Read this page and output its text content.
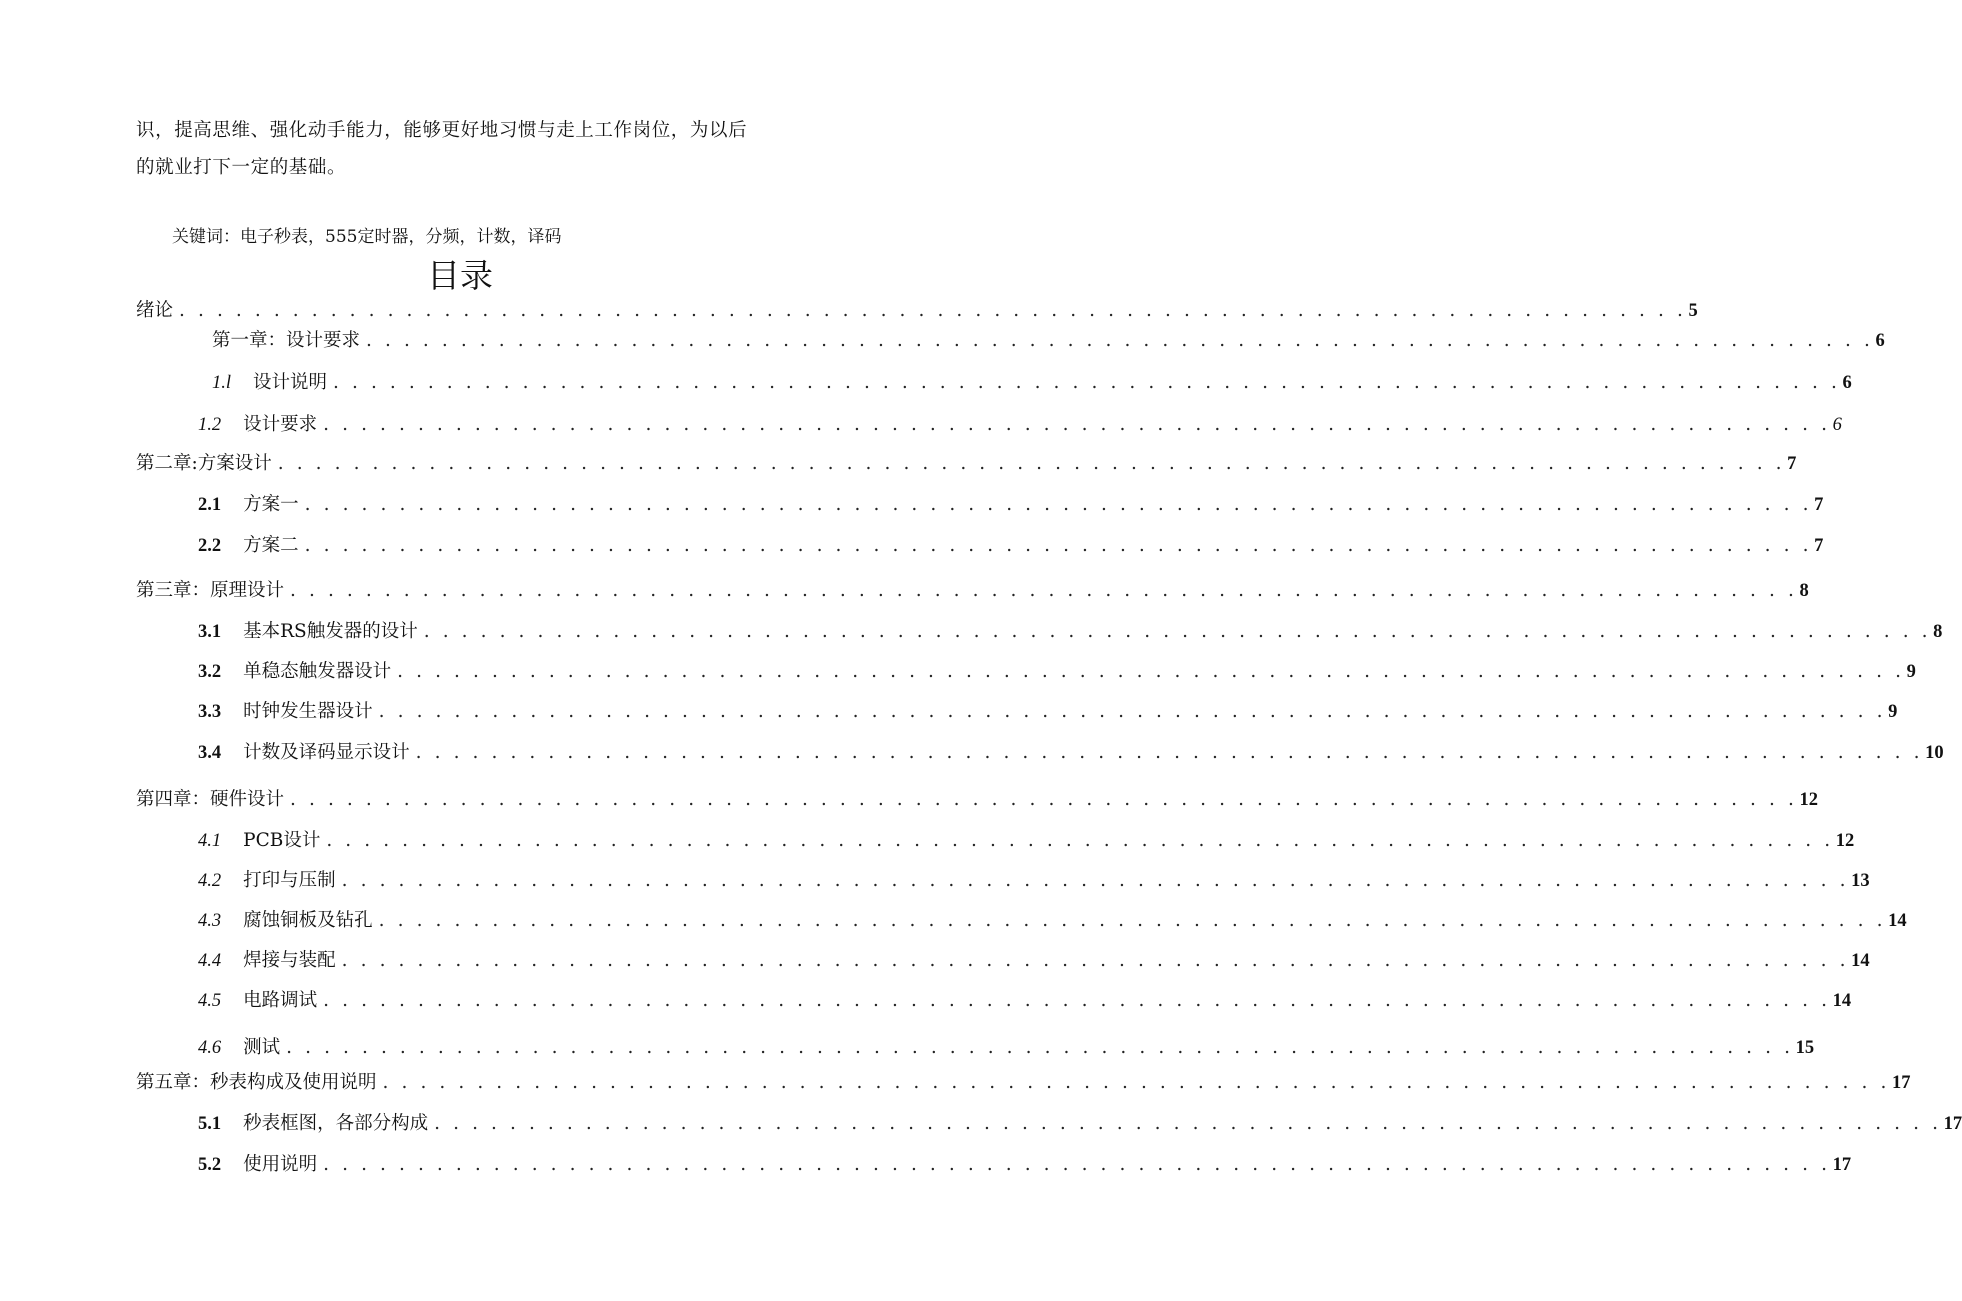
识，提高思维、强化动手能力，能够更好地习惯与走上工作岗位，为以后
的就业打下一定的基础。
关键词：电子秒表，555定时器，分频，计数，译码
目录
绪论 . . . . . . . . . . . . . . . . . . . . . . . . . . . . . . . . . . . . . . . . . . . . . . . . . . . . . . . . . . . . . . . . . . . . . . . . . . . . . . . . 5
第一章：设计要求 . . . . . . . . . . . . . . . . . . . . . . . . . . . . . . . . . . . . . . . . . . . . . . . . . . . . . . . . . . . . . . . . . . . . . . . . . . . . . . . . 6
1.l 设计说明 . . . . . . . . . . . . . . . . . . . . . . . . . . . . . . . . . . . . . . . . . . . . . . . . . . . . . . . . . . . . . . . . . . . . . . . . . . . . . . . . 6
1.2 设计要求 . . . . . . . . . . . . . . . . . . . . . . . . . . . . . . . . . . . . . . . . . . . . . . . . . . . . . . . . . . . . . . . . . . . . . . . . . . . . . . . . 6
第二章:方案设计 . . . . . . . . . . . . . . . . . . . . . . . . . . . . . . . . . . . . . . . . . . . . . . . . . . . . . . . . . . . . . . . . . . . . . . . . . . . . . . . . 7
2.1 方案一 . . . . . . . . . . . . . . . . . . . . . . . . . . . . . . . . . . . . . . . . . . . . . . . . . . . . . . . . . . . . . . . . . . . . . . . . . . . . . . . . 7
2.2 方案二 . . . . . . . . . . . . . . . . . . . . . . . . . . . . . . . . . . . . . . . . . . . . . . . . . . . . . . . . . . . . . . . . . . . . . . . . . . . . . . . . 7
第三章：原理设计 . . . . . . . . . . . . . . . . . . . . . . . . . . . . . . . . . . . . . . . . . . . . . . . . . . . . . . . . . . . . . . . . . . . . . . . . . . . . . . . . 8
3.1 基本RS触发器的设计 . . . . . . . . . . . . . . . . . . . . . . . . . . . . . . . . . . . . . . . . . . . . . . . . . . . . . . . . . . . . . . . . . . . . . . . . . . . . . . . . 8
3.2 单稳态触发器设计 . . . . . . . . . . . . . . . . . . . . . . . . . . . . . . . . . . . . . . . . . . . . . . . . . . . . . . . . . . . . . . . . . . . . . . . . . . . . . . . . 9
3.3 时钟发生器设计 . . . . . . . . . . . . . . . . . . . . . . . . . . . . . . . . . . . . . . . . . . . . . . . . . . . . . . . . . . . . . . . . . . . . . . . . . . . . . . . . 9
3.4 计数及译码显示设计 . . . . . . . . . . . . . . . . . . . . . . . . . . . . . . . . . . . . . . . . . . . . . . . . . . . . . . . . . . . . . . . . . . . . . . . . . . . . . . . . 10
第四章：硬件设计 . . . . . . . . . . . . . . . . . . . . . . . . . . . . . . . . . . . . . . . . . . . . . . . . . . . . . . . . . . . . . . . . . . . . . . . . . . . . . . . . 12
4.1 PCB设计 . . . . . . . . . . . . . . . . . . . . . . . . . . . . . . . . . . . . . . . . . . . . . . . . . . . . . . . . . . . . . . . . . . . . . . . . . . . . . . . . 12
4.2 打印与压制 . . . . . . . . . . . . . . . . . . . . . . . . . . . . . . . . . . . . . . . . . . . . . . . . . . . . . . . . . . . . . . . . . . . . . . . . . . . . . . . . 13
4.3 腐蚀铜板及钻孔 . . . . . . . . . . . . . . . . . . . . . . . . . . . . . . . . . . . . . . . . . . . . . . . . . . . . . . . . . . . . . . . . . . . . . . . . . . . . . . . . 14
4.4 焊接与装配 . . . . . . . . . . . . . . . . . . . . . . . . . . . . . . . . . . . . . . . . . . . . . . . . . . . . . . . . . . . . . . . . . . . . . . . . . . . . . . . . 14
4.5 电路调试 . . . . . . . . . . . . . . . . . . . . . . . . . . . . . . . . . . . . . . . . . . . . . . . . . . . . . . . . . . . . . . . . . . . . . . . . . . . . . . . . 14
4.6 测试 . . . . . . . . . . . . . . . . . . . . . . . . . . . . . . . . . . . . . . . . . . . . . . . . . . . . . . . . . . . . . . . . . . . . . . . . . . . . . . . . 15
第五章：秒表构成及使用说明 . . . . . . . . . . . . . . . . . . . . . . . . . . . . . . . . . . . . . . . . . . . . . . . . . . . . . . . . . . . . . . . . . . . . . . . . . . . . . . . . 17
5.1 秒表框图，各部分构成 . . . . . . . . . . . . . . . . . . . . . . . . . . . . . . . . . . . . . . . . . . . . . . . . . . . . . . . . . . . . . . . . . . . . . . . . . . . . . . . . 17
5.2 使用说明 . . . . . . . . . . . . . . . . . . . . . . . . . . . . . . . . . . . . . . . . . . . . . . . . . . . . . . . . . . . . . . . . . . . . . . . . . . . . . . . . 17
